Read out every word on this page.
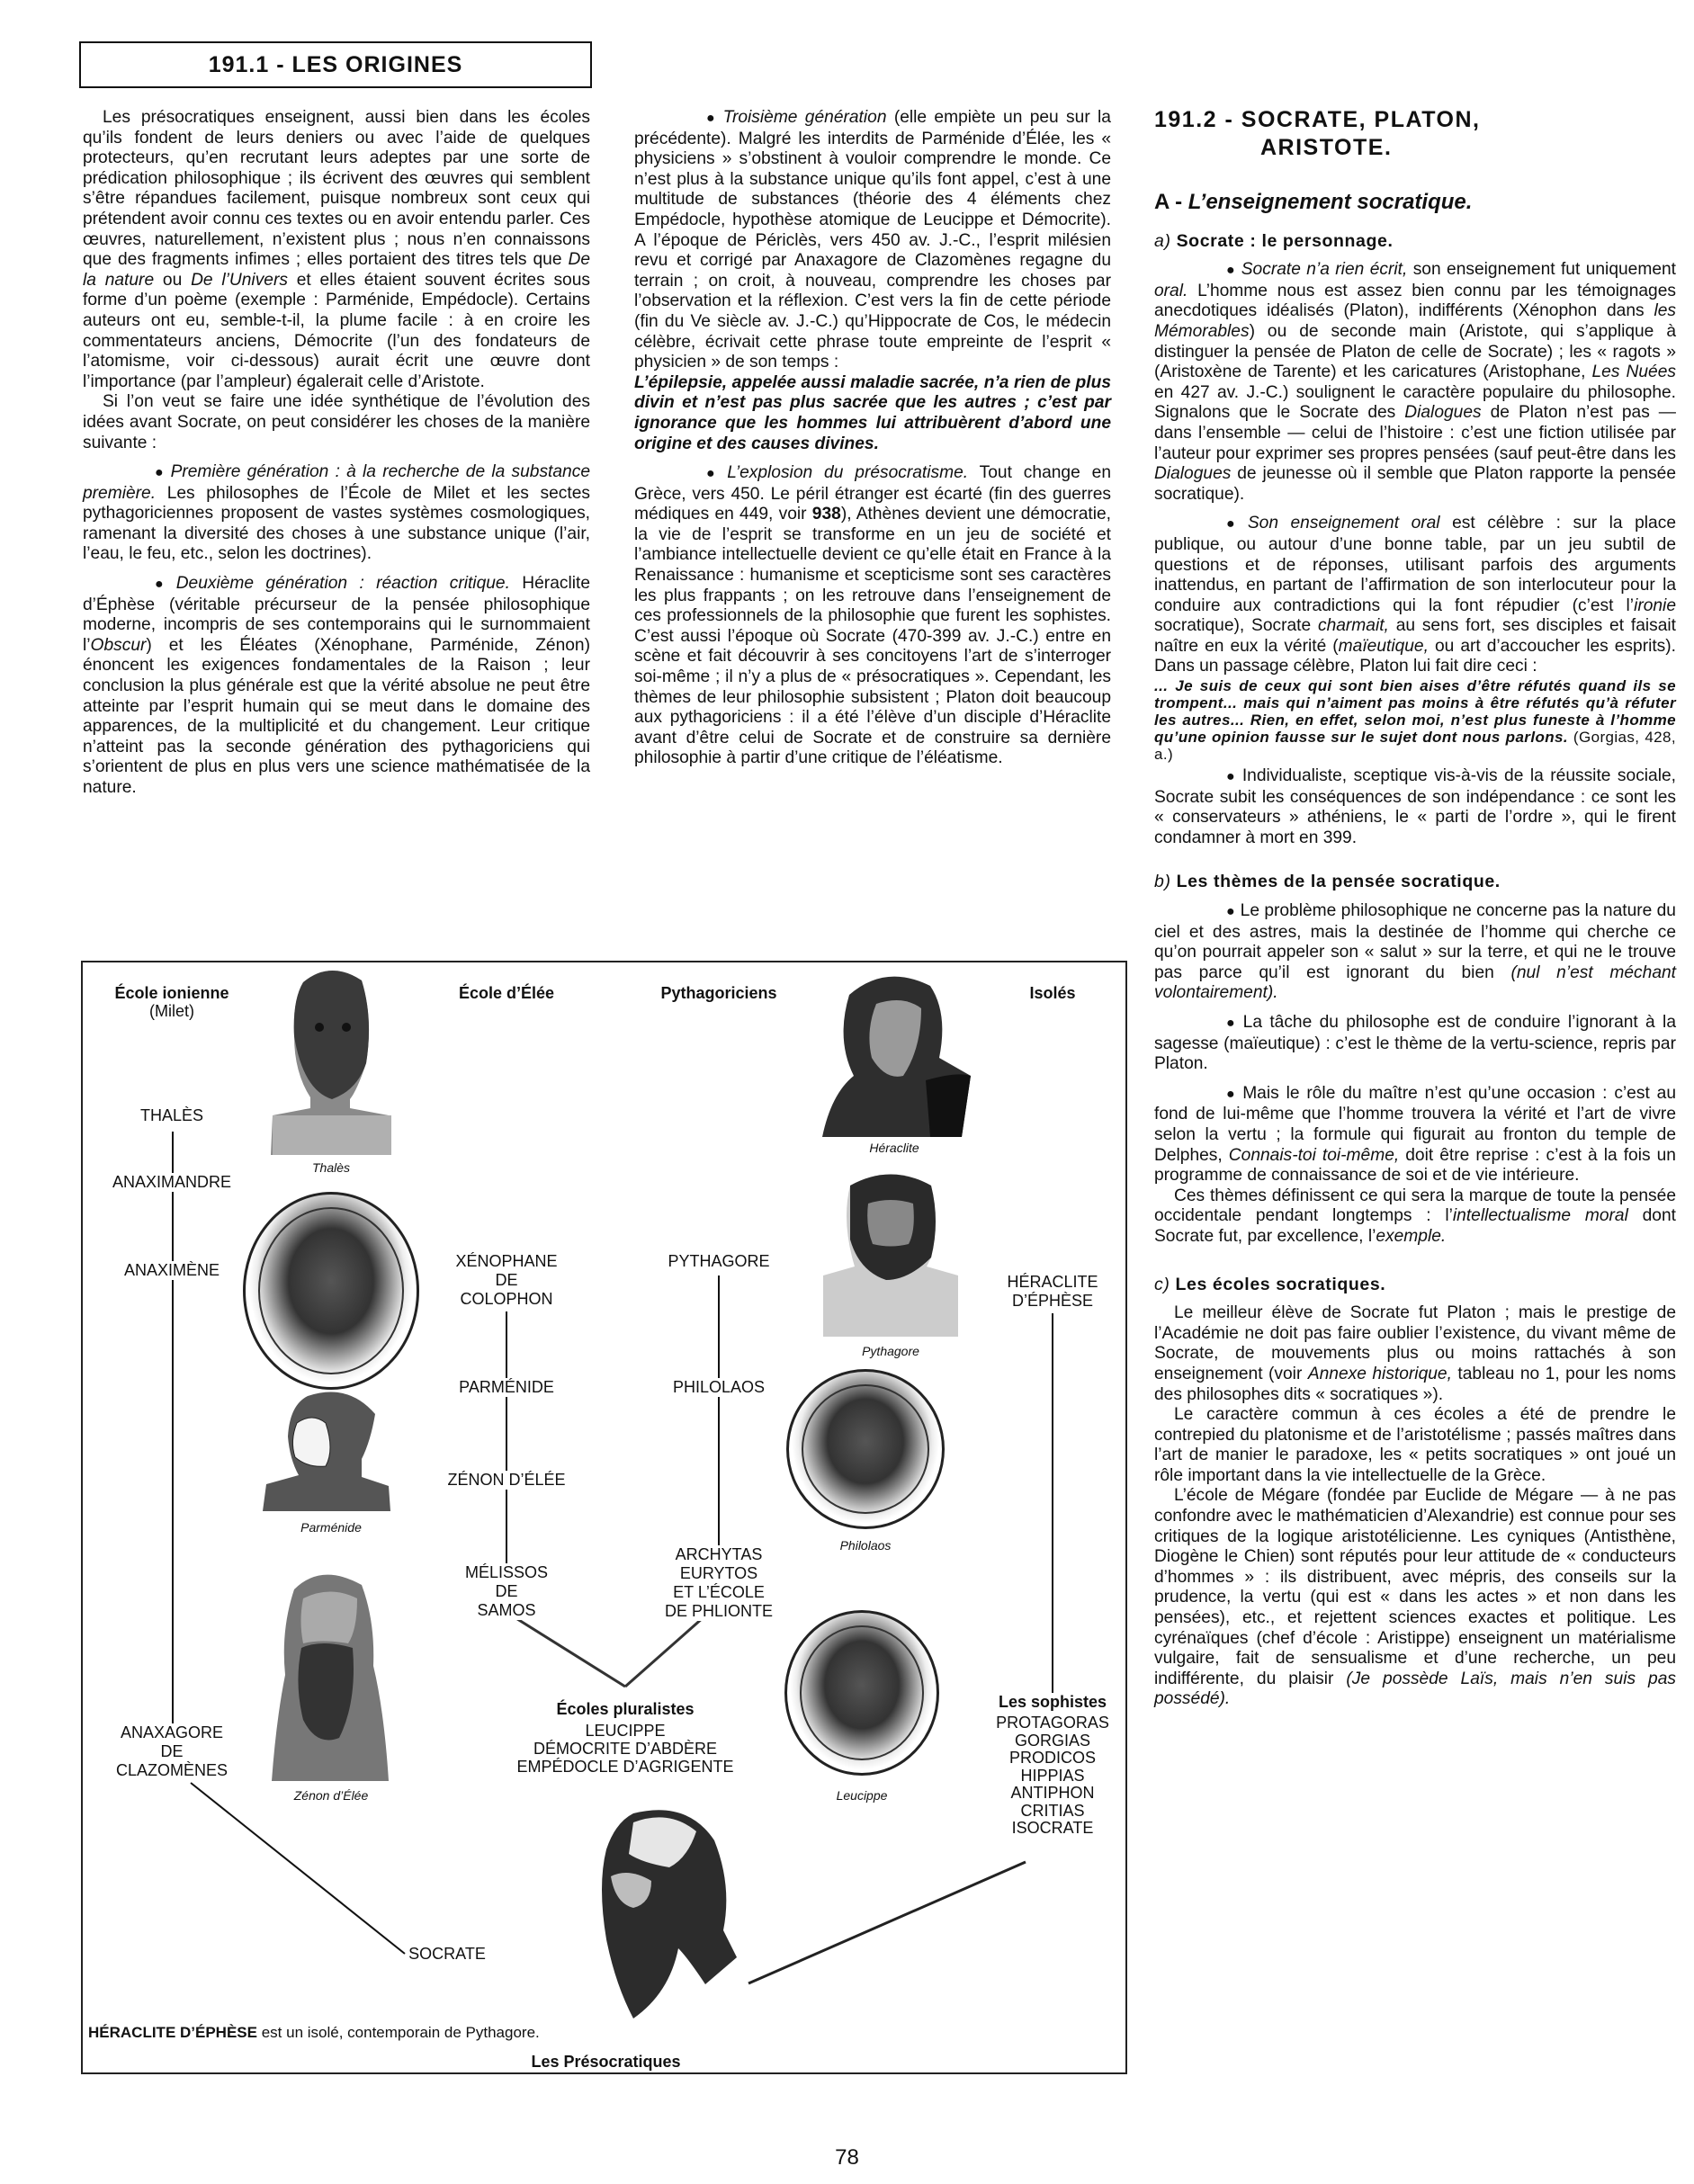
191.1 - LES ORIGINES

Les présocratiques enseignent, aussi bien dans les écoles qu’ils fondent de leurs deniers ou avec l’aide de quelques protecteurs, qu’en recrutant leurs adeptes par une sorte de prédication philosophique ; ils écrivent des œuvres qui semblent s’être répandues facilement, puisque nombreux sont ceux qui prétendent avoir connu ces textes ou en avoir entendu parler. Ces œuvres, naturellement, n’existent plus ; nous n’en connaissons que des fragments infimes ; elles portaient des titres tels que De la nature ou De l’Univers et elles étaient souvent écrites sous forme d’un poème (exemple : Parménide, Empédocle). Certains auteurs ont eu, semble-t-il, la plume facile : à en croire les commentateurs anciens, Démocrite (l’un des fondateurs de l’atomisme, voir ci-dessous) aurait écrit une œuvre dont l’importance (par l’ampleur) égalerait celle d’Aristote.

Si l’on veut se faire une idée synthétique de l’évolution des idées avant Socrate, on peut considérer les choses de la manière suivante :

● Première génération : à la recherche de la substance première. Les philosophes de l’École de Milet et les sectes pythagoriciennes proposent de vastes systèmes cosmologiques, ramenant la diversité des choses à une substance unique (l’air, l’eau, le feu, etc., selon les doctrines).

● Deuxième génération : réaction critique. Héraclite d’Éphèse (véritable précurseur de la pensée philosophique moderne, incompris de ses contemporains qui le surnommaient l’Obscur) et les Éléates (Xénophane, Parménide, Zénon) énoncent les exigences fondamentales de la Raison ; leur conclusion la plus générale est que la vérité absolue ne peut être atteinte par l’esprit humain qui se meut dans le domaine des apparences, de la multiplicité et du changement. Leur critique n’atteint pas la seconde génération des pythagoriciens qui s’orientent de plus en plus vers une science mathématisée de la nature.

● Troisième génération (elle empiète un peu sur la précédente). Malgré les interdits de Parménide d’Élée, les « physiciens » s’obstinent à vouloir comprendre le monde. Ce n’est plus à la substance unique qu’ils font appel, c’est à une multitude de substances (théorie des 4 éléments chez Empédocle, hypothèse atomique de Leucippe et Démocrite). A l’époque de Périclès, vers 450 av. J.-C., l’esprit milésien revu et corrigé par Anaxagore de Clazomènes regagne du terrain ; on croit, à nouveau, comprendre les choses par l’observation et la réflexion. C’est vers la fin de cette période (fin du Ve siècle av. J.-C.) qu’Hippocrate de Cos, le médecin célèbre, écrivait cette phrase toute empreinte de l’esprit « physicien » de son temps :

L’épilepsie, appelée aussi maladie sacrée, n’a rien de plus divin et n’est pas plus sacrée que les autres ; c’est par ignorance que les hommes lui attribuèrent d’abord une origine et des causes divines.

● L’explosion du présocratisme. Tout change en Grèce, vers 450. Le péril étranger est écarté (fin des guerres médiques en 449, voir 938), Athènes devient une démocratie, la vie de l’esprit se transforme en un jeu de société et l’ambiance intellectuelle devient ce qu’elle était en France à la Renaissance : humanisme et scepticisme sont ses caractères les plus frappants ; on les retrouve dans l’enseignement de ces professionnels de la philosophie que furent les sophistes. C’est aussi l’époque où Socrate (470-399 av. J.-C.) entre en scène et fait découvrir à ses concitoyens l’art de s’interroger soi-même ; il n’y a plus de « présocratiques ». Cependant, les thèmes de leur philosophie subsistent ; Platon doit beaucoup aux pythagoriciens : il a été l’élève d’un disciple d’Héraclite avant d’être celui de Socrate et de construire sa dernière philosophie à partir d’une critique de l’éléatisme.

191.2 - SOCRATE, PLATON,
ARISTOTE.
A - L’enseignement socratique.
a) Socrate : le personnage.

● Socrate n’a rien écrit, son enseignement fut uniquement oral. L’homme nous est assez bien connu par les témoignages anecdotiques idéalisés (Platon), indifférents (Xénophon dans les Mémorables) ou de seconde main (Aristote, qui s’applique à distinguer la pensée de Platon de celle de Socrate) ; les « ragots » (Aristoxène de Tarente) et les caricatures (Aristophane, Les Nuées en 427 av. J.-C.) soulignent le caractère populaire du philosophe. Signalons que le Socrate des Dialogues de Platon n’est pas — dans l’ensemble — celui de l’histoire : c’est une fiction utilisée par l’auteur pour exprimer ses propres pensées (sauf peut-être dans les Dialogues de jeunesse où il semble que Platon rapporte la pensée socratique).

● Son enseignement oral est célèbre : sur la place publique, ou autour d’une bonne table, par un jeu subtil de questions et de réponses, utilisant parfois des arguments inattendus, en partant de l’affirmation de son interlocuteur pour la conduire aux contradictions qui la font répudier (c’est l’ironie socratique), Socrate charmait, au sens fort, ses disciples et faisait naître en eux la vérité (maïeutique, ou art d’accoucher les esprits). Dans un passage célèbre, Platon lui fait dire ceci :

... Je suis de ceux qui sont bien aises d’être réfutés quand ils se trompent... mais qui n’aiment pas moins à être réfutés qu’à réfuter les autres... Rien, en effet, selon moi, n’est plus funeste à l’homme qu’une opinion fausse sur le sujet dont nous parlons. (Gorgias, 428, a.)

● Individualiste, sceptique vis-à-vis de la réussite sociale, Socrate subit les conséquences de son indépendance : ce sont les « conservateurs » athéniens, le « parti de l’ordre », qui le firent condamner à mort en 399.

b) Les thèmes de la pensée socratique.

● Le problème philosophique ne concerne pas la nature du ciel et des astres, mais la destinée de l’homme qui cherche ce qu’on pourrait appeler son « salut » sur la terre, et qui ne le trouve pas parce qu’il est ignorant du bien (nul n’est méchant volontairement).

● La tâche du philosophe est de conduire l’ignorant à la sagesse (maïeutique) : c’est le thème de la vertu-science, repris par Platon.

● Mais le rôle du maître n’est qu’une occasion : c’est au fond de lui-même que l’homme trouvera la vérité et l’art de vivre selon la vertu ; la formule qui figurait au fronton du temple de Delphes, Connais-toi toi-même, doit être reprise : c’est à la fois un programme de connaissance de soi et de vie intérieure.

Ces thèmes définissent ce qui sera la marque de toute la pensée occidentale pendant longtemps : l’intellectualisme moral dont Socrate fut, par excellence, l’exemple.

c) Les écoles socratiques.

Le meilleur élève de Socrate fut Platon ; mais le prestige de l’Académie ne doit pas faire oublier l’existence, du vivant même de Socrate, de mouvements plus ou moins rattachés à son enseignement (voir Annexe historique, tableau no 1, pour les noms des philosophes dits « socratiques »).

Le caractère commun à ces écoles a été de prendre le contrepied du platonisme et de l’aristotélisme ; passés maîtres dans l’art de manier le paradoxe, les « petits socratiques » ont joué un rôle important dans la vie intellectuelle de la Grèce.

L’école de Mégare (fondée par Euclide de Mégare — à ne pas confondre avec le mathématicien d’Alexandrie) est connue pour ses critiques de la logique aristotélicienne. Les cyniques (Antisthène, Diogène le Chien) sont réputés pour leur attitude de « conducteurs d’hommes » : ils distribuent, avec mépris, des conseils sur la prudence, la vertu (qui est « dans les actes » et non dans les pensées), etc., et rejettent sciences exactes et politique. Les cyrénaïques (chef d’école : Aristippe) enseignent un matérialisme vulgaire, fait de sensualisme et d’une recherche, un peu indifférente, du plaisir (Je possède Laïs, mais n’en suis pas possédé).

École ionienne
(Milet)
École d’Élée	Pythagoriciens	Isolés
THALÈS
ANAXIMANDRE
ANAXIMÈNE
ANAXAGORE
DE
CLAZOMÈNES
XÉNOPHANE
DE
COLOPHON
PARMÉNIDE
ZÉNON D’ÉLÉE
MÉLISSOS
DE
SAMOS
PYTHAGORE
PHILOLAOS
ARCHYTAS
EURYTOS
ET L’ÉCOLE
DE PHLIONTE
HÉRACLITE
D’ÉPHÈSE
Écoles pluralistes
LEUCIPPE
DÉMOCRITE D’ABDÈRE
EMPÉDOCLE D’AGRIGENTE
Les sophistes
PROTAGORAS
GORGIAS
PRODICOS
HIPPIAS
ANTIPHON
CRITIAS
ISOCRATE
SOCRATE
Thalès
Parménide
Zénon d’Élée
Héraclite
Pythagore
Philolaos
Leucippe
HÉRACLITE D’ÉPHÈSE est un isolé, contemporain de Pythagore.
Les Présocratiques
78
